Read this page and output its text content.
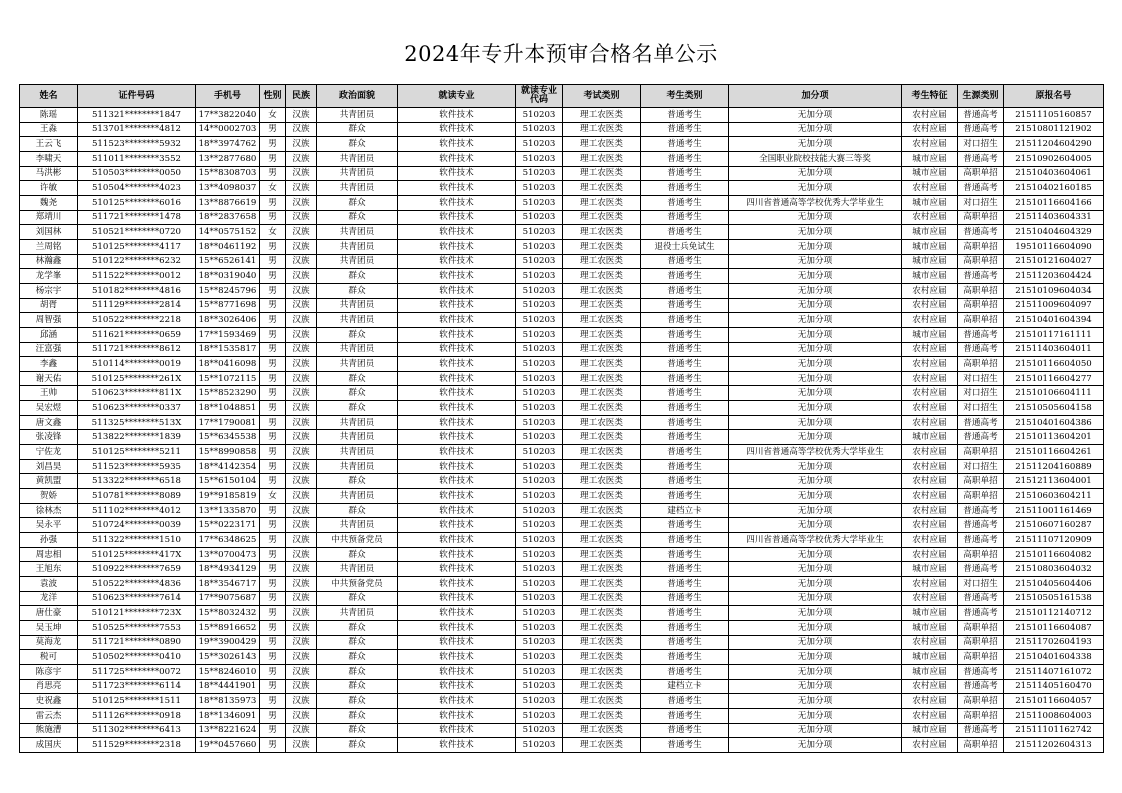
2024年专升本预审合格名单公示
姓名	证件号码	手机号	性别	民族	政治面貌	就读专业	就读专业代码	考试类别	考生类别	加分项	考生特征	生源类别	原报名号
陈瑶	511321********1847	17**3822040	女	汉族	共青团员	软件技术	510203	理工农医类	普通考生	无加分项	农村应届	普通高考	21511105160857
王淼	513701********4812	14**0002703	男	汉族	群众	软件技术	510203	理工农医类	普通考生	无加分项	农村应届	普通高考	21510801121902
王云飞	511523********5932	18**3974762	男	汉族	群众	软件技术	510203	理工农医类	普通考生	无加分项	农村应届	对口招生	21511204604290
李啸天	511011********3552	13**2877680	男	汉族	共青团员	软件技术	510203	理工农医类	普通考生	全国职业院校技能大赛三等奖	城市应届	普通高考	21510902604005
马洪彬	510503********0050	15**8308703	男	汉族	共青团员	软件技术	510203	理工农医类	普通考生	无加分项	城市应届	高职单招	21510403604061
许敏	510504********4023	13**4098037	女	汉族	共青团员	软件技术	510203	理工农医类	普通考生	无加分项	农村应届	普通高考	21510402160185
魏尧	510125********6016	13**8876619	男	汉族	群众	软件技术	510203	理工农医类	普通考生	四川省普通高等学校优秀大学毕业生	城市应届	对口招生	21510116604166
郑靖川	511721********1478	18**2837658	男	汉族	群众	软件技术	510203	理工农医类	普通考生	无加分项	农村应届	高职单招	21511403604331
刘国林	510521********0720	14**0575152	女	汉族	共青团员	软件技术	510203	理工农医类	普通考生	无加分项	城市应届	普通高考	21510404604329
兰周铭	510125********4117	18**0461192	男	汉族	共青团员	软件技术	510203	理工农医类	退役士兵免试生	无加分项	城市应届	高职单招	19510116604090
林瀚鑫	510122********6232	15**6526141	男	汉族	共青团员	软件技术	510203	理工农医类	普通考生	无加分项	城市应届	高职单招	21510121604027
龙学峯	511522********0012	18**0319040	男	汉族	群众	软件技术	510203	理工农医类	普通考生	无加分项	城市应届	普通高考	21511203604424
杨宗宇	510182********4816	15**8245796	男	汉族	群众	软件技术	510203	理工农医类	普通考生	无加分项	农村应届	高职单招	21510109604034
胡胥	511129********2814	15**8771698	男	汉族	共青团员	软件技术	510203	理工农医类	普通考生	无加分项	农村应届	高职单招	21511009604097
周智强	510522********2218	18**3026406	男	汉族	共青团员	软件技术	510203	理工农医类	普通考生	无加分项	农村应届	高职单招	21510401604394
邱涵	511621********0659	17**1593469	男	汉族	群众	软件技术	510203	理工农医类	普通考生	无加分项	城市应届	普通高考	21510117161111
汪富强	511721********8612	18**1535817	男	汉族	共青团员	软件技术	510203	理工农医类	普通考生	无加分项	农村应届	普通高考	21511403604011
李鑫	510114********0019	18**0416098	男	汉族	共青团员	软件技术	510203	理工农医类	普通考生	无加分项	农村应届	高职单招	21510116604050
谢天佑	510125********261X	15**1072115	男	汉族	群众	软件技术	510203	理工农医类	普通考生	无加分项	农村应届	对口招生	21510116604277
王帅	510623********811X	15**8523290	男	汉族	群众	软件技术	510203	理工农医类	普通考生	无加分项	农村应届	对口招生	21510106604111
吴宏煜	510623********0337	18**1048851	男	汉族	群众	软件技术	510203	理工农医类	普通考生	无加分项	农村应届	对口招生	21510505604158
唐文鑫	511325********513X	17**1790081	男	汉族	共青团员	软件技术	510203	理工农医类	普通考生	无加分项	农村应届	普通高考	21510401604386
张凌锋	513822********1839	15**6345538	男	汉族	共青团员	软件技术	510203	理工农医类	普通考生	无加分项	城市应届	普通高考	21510113604201
宁佐龙	510125********5211	15**8990858	男	汉族	共青团员	软件技术	510203	理工农医类	普通考生	四川省普通高等学校优秀大学毕业生	农村应届	高职单招	21510116604261
刘昌昊	511523********5935	18**4142354	男	汉族	共青团员	软件技术	510203	理工农医类	普通考生	无加分项	农村应届	对口招生	21511204160889
黄凯盟	513322********6518	15**6150104	男	汉族	群众	软件技术	510203	理工农医类	普通考生	无加分项	农村应届	高职单招	21512113604001
贺娇	510781********8089	19**9185819	女	汉族	共青团员	软件技术	510203	理工农医类	普通考生	无加分项	农村应届	高职单招	21510603604211
徐林杰	511102********4012	13**1335870	男	汉族	群众	软件技术	510203	理工农医类	建档立卡	无加分项	农村应届	普通高考	21511001161469
吴永平	510724********0039	15**0223171	男	汉族	共青团员	软件技术	510203	理工农医类	普通考生	无加分项	农村应届	普通高考	21510607160287
孙强	511322********1510	17**6348625	男	汉族	中共预备党员	软件技术	510203	理工农医类	普通考生	四川省普通高等学校优秀大学毕业生	农村应届	普通高考	21511107120909
周忠相	510125********417X	13**0700473	男	汉族	群众	软件技术	510203	理工农医类	普通考生	无加分项	农村应届	高职单招	21510116604082
王旭东	510922********7659	18**4934129	男	汉族	共青团员	软件技术	510203	理工农医类	普通考生	无加分项	城市应届	普通高考	21510803604032
袁波	510522********4836	18**3546717	男	汉族	中共预备党员	软件技术	510203	理工农医类	普通考生	无加分项	农村应届	对口招生	21510405604406
龙洋	510623********7614	17**9075687	男	汉族	群众	软件技术	510203	理工农医类	普通考生	无加分项	农村应届	普通高考	21510505161538
唐仕豪	510121********723X	15**8032432	男	汉族	共青团员	软件技术	510203	理工农医类	普通考生	无加分项	城市应届	普通高考	21510112140712
吴玉坤	510525********7553	15**8916652	男	汉族	群众	软件技术	510203	理工农医类	普通考生	无加分项	城市应届	高职单招	21510116604087
莫海龙	511721********0890	19**3900429	男	汉族	群众	软件技术	510203	理工农医类	普通考生	无加分项	农村应届	高职单招	21511702604193
税可	510502********0410	15**3026143	男	汉族	群众	软件技术	510203	理工农医类	普通考生	无加分项	城市应届	高职单招	21510401604338
陈彦宇	511725********0072	15**8246010	男	汉族	群众	软件技术	510203	理工农医类	普通考生	无加分项	城市应届	普通高考	21511407161072
肖思亮	511723********6114	18**4441901	男	汉族	群众	软件技术	510203	理工农医类	建档立卡	无加分项	农村应届	普通高考	21511405160470
史祝鑫	510125********1511	18**8135973	男	汉族	群众	软件技术	510203	理工农医类	普通考生	无加分项	农村应届	高职单招	21510116604057
雷云杰	511126********0918	18**1346091	男	汉族	群众	软件技术	510203	理工农医类	普通考生	无加分项	农村应届	高职单招	21511008604003
熊施漕	511302********6413	13**8221624	男	汉族	群众	软件技术	510203	理工农医类	普通考生	无加分项	城市应届	普通高考	21511101162742
成国庆	511529********2318	19**0457660	男	汉族	群众	软件技术	510203	理工农医类	普通考生	无加分项	农村应届	高职单招	21511202604313
